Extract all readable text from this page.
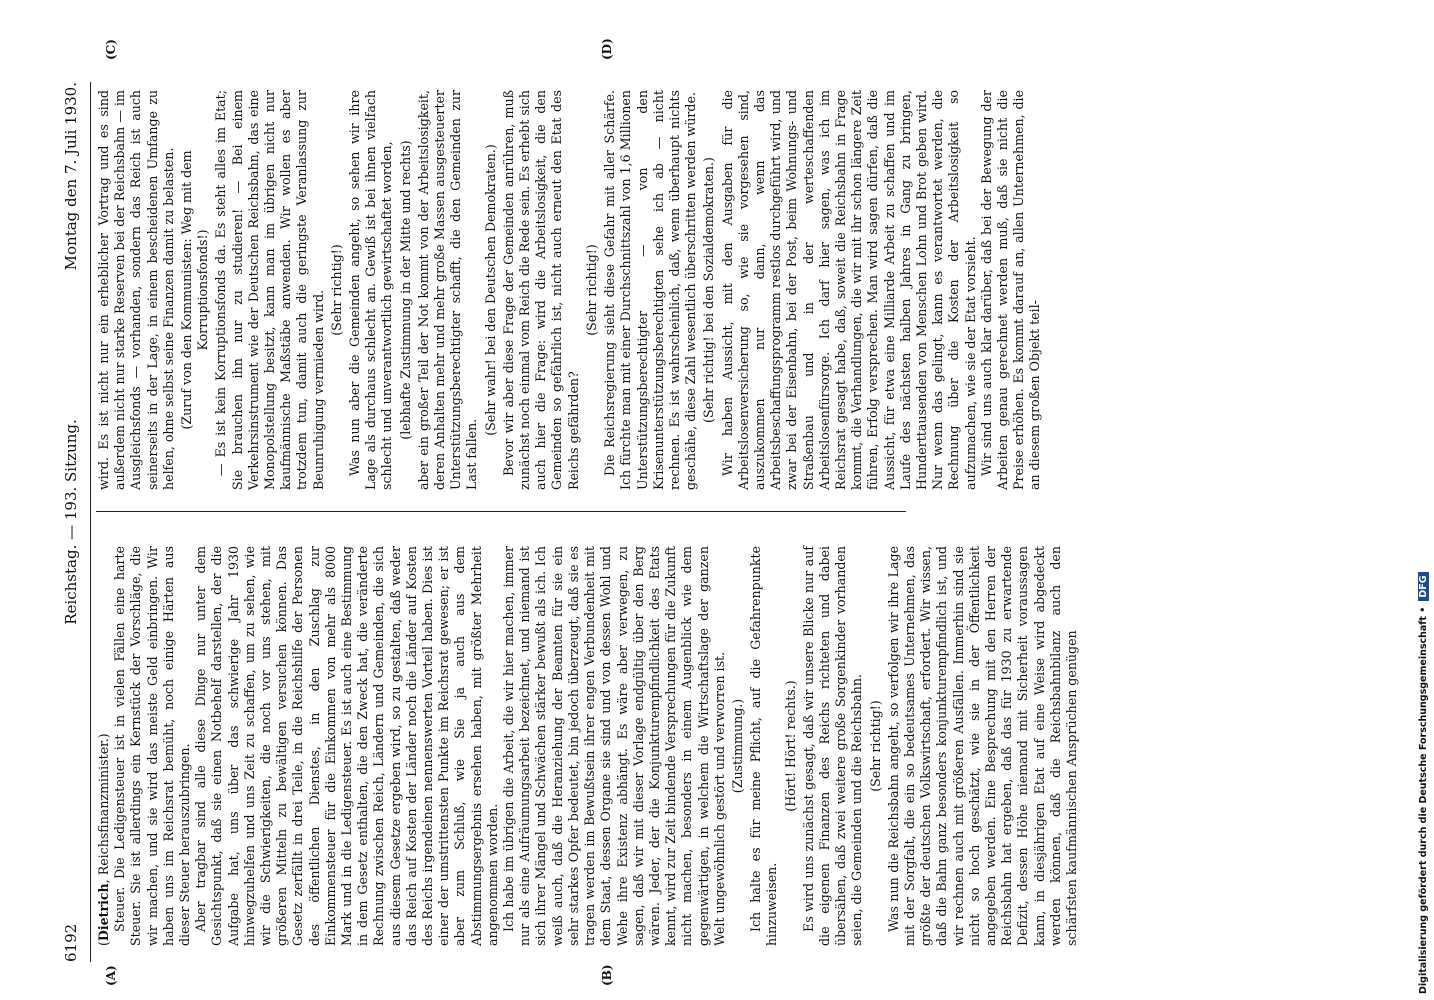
6192
Reichstag. — 193. Sitzung.
Montag den 7. Juli 1930.
(A)	(B)
(C)	(D)

(Dietrich, Reichsfinanzminister.) Steuer. Die Ledigensteuer ist in vielen Fällen eine harte Steuer. Sie ist allerdings ein Kernstück der Vorschläge, die wir machen, und sie wird das meiste Geld einbringen. Wir haben uns im Reichsrat bemüht, noch einige Härten aus dieser Steuer herauszubringen. Aber tragbar sind alle diese Dinge nur unter dem Gesichtspunkt, daß sie einen Notbehelf darstellen, der die Aufgabe hat, uns über das schwierige Jahr 1930 hinwegzuhelfen und uns Zeit zu schaffen, um zu sehen, wie wir die Schwierigkeiten, die noch vor uns stehen, mit größeren Mitteln zu bewältigen versuchen können. Das Gesetz zerfällt in drei Teile, in die Reichshilfe der Personen des öffentlichen Dienstes, in den Zuschlag zur Einkommensteuer für die Einkommen von mehr als 8000 Mark und in die Ledigensteuer. Es ist auch eine Bestimmung in dem Gesetz enthalten, die den Zweck hat, die veränderte Rechnung zwischen Reich, Ländern und Gemeinden, die sich aus diesem Gesetze ergeben wird, so zu gestalten, daß weder das Reich auf Kosten der Länder noch die Länder auf Kosten des Reichs irgendeinen nennenswerten Vorteil haben. Dies ist einer der umstrittensten Punkte im Reichsrat gewesen; er ist aber zum Schluß, wie Sie ja auch aus dem Abstimmungsergebnis ersehen haben, mit größter Mehrheit angenommen worden. Ich habe im übrigen die Arbeit, die wir hier machen, immer nur als eine Aufräumungsarbeit bezeichnet, und niemand ist sich ihrer Mängel und Schwächen stärker bewußt als ich. Ich weiß auch, daß die Heranziehung der Beamten für sie ein sehr starkes Opfer bedeutet, bin jedoch überzeugt, daß sie es tragen werden im Bewußtsein ihrer engen Verbundenheit mit dem Staat, dessen Organe sie sind und von dessen Wohl und Wehe ihre Existenz abhängt. Es wäre aber verwegen, zu sagen, daß wir mit dieser Vorlage endgültig über den Berg wären. Jeder, der die Konjunkturempfindlichkeit des Etats kennt, wird zur Zeit bindende Versprechungen für die Zukunft nicht machen, besonders in einem Augenblick wie dem gegenwärtigen, in welchem die Wirtschaftslage der ganzen Welt ungewöhnlich gestört und verworren ist. (Zustimmung.) Ich halte es für meine Pflicht, auf die Gefahrenpunkte hinzuweisen.

(Hört! Hört! rechts.) Es wird uns zunächst gesagt, daß wir unsere Blicke nur auf die eigenen Finanzen des Reichs richteten und dabei übersähen, daß zwei weitere große Sorgenkinder vorhanden seien, die Gemeinden und die Reichsbahn. (Sehr richtig!) Was nun die Reichsbahn angeht, so verfolgen wir ihre Lage mit der Sorgfalt, die ein so bedeutsames Unternehmen, das größte der deutschen Volkswirtschaft, erfordert. Wir wissen, daß die Bahn ganz besonders konjunkturempfindlich ist, und wir rechnen auch mit größeren Ausfällen. Immerhin sind sie nicht so hoch geschätzt, wie sie in der Öffentlichkeit angegeben werden. Eine Besprechung mit den Herren der Reichsbahn hat ergeben, daß das für 1930 zu erwartende Defizit, dessen Höhe niemand mit Sicherheit voraussagen kann, in diesjährigen Etat auf eine Weise wird abgedeckt werden können, daß die Reichsbahnbilanz auch den schärfsten kaufmännischen Ansprüchen genügen

wird. Es ist nicht nur ein erheblicher Vortrag und es sind außerdem nicht nur starke Reserven bei der Reichsbahn — im Ausgleichsfonds — vorhanden, sondern das Reich ist auch seinerseits in der Lage, in einem bescheidenen Umfange zu helfen, ohne selbst seine Finanzen damit zu belasten. (Zuruf von den Kommunisten: Weg mit dem Korruptionsfonds!) — Es ist kein Korruptionsfonds da. Es steht alles im Etat; Sie brauchen ihn nur zu studieren! — Bei einem Verkehrsinstrument wie der Deutschen Reichsbahn, das eine Monopolstellung besitzt, kann man im übrigen nicht nur kaufmännische Maßstäbe anwenden. Wir wollen es aber trotzdem tun, damit auch die geringste Veranlassung zur Beunruhigung vermieden wird. (Sehr richtig!) Was nun aber die Gemeinden angeht, so sehen wir ihre Lage als durchaus schlecht an. Gewiß ist bei ihnen vielfach schlecht und unverantwortlich gewirtschaftet worden, (lebhafte Zustimmung in der Mitte und rechts) aber ein großer Teil der Not kommt von der Arbeitslosigkeit, deren Anhalten mehr und mehr große Massen ausgesteuerter Unterstützungsberechtigter schafft, die den Gemeinden zur Last fallen.

(Sehr wahr! bei den Deutschen Demokraten.) Bevor wir aber diese Frage der Gemeinden anrühren, muß zunächst noch einmal vom Reich die Rede sein. Es erhebt sich auch hier die Frage: wird die Arbeitslosigkeit, die den Gemeinden so gefährlich ist, nicht auch erneut den Etat des Reichs gefährden?

(Sehr richtig!) Die Reichsregierung sieht diese Gefahr mit aller Schärfe. Ich fürchte man mit einer Durchschnittszahl von 1,6 Millionen Unterstützungsberechtigter — von den Krisenunterstützungsberechtigten sehe ich ab — nicht rechnen. Es ist wahrscheinlich, daß, wenn überhaupt nichts geschähe, diese Zahl wesentlich überschritten werden würde. (Sehr richtig! bei den Sozialdemokraten.) Wir haben Aussicht, mit den Ausgaben für die Arbeitslosenversicherung so, wie sie vorgesehen sind, auszukommen nur dann, wenn das Arbeitsbeschaffungsprogramm restlos durchgeführt wird, und zwar bei der Eisenbahn, bei der Post, beim Wohnungs- und Straßenbau und in der werteschaffenden Arbeitslosenfürsorge. Ich darf hier sagen, was ich im Reichsrat gesagt habe, daß, soweit die Reichsbahn in Frage kommt, die Verhandlungen, die wir mit ihr schon längere Zeit führen, Erfolg versprechen. Man wird sagen dürfen, daß die Aussicht, für etwa eine Milliarde Arbeit zu schaffen und im Laufe des nächsten halben Jahres in Gang zu bringen, Hunderttausenden von Menschen Lohn und Brot geben wird. Nur wenn das gelingt, kann es verantwortet werden, die Rechnung über die Kosten der Arbeitslosigkeit so aufzumachen, wie sie der Etat vorsieht. Wir sind uns auch klar darüber, daß bei der Bewegung der Arbeiten genau gerechnet werden muß, daß sie nicht die Preise erhöhen. Es kommt darauf an, allen Unternehmen, die an diesem großen Objekt teil-

Digitalisierung gefördert durch die Deutsche Forschungsgemeinschaft •DFG
